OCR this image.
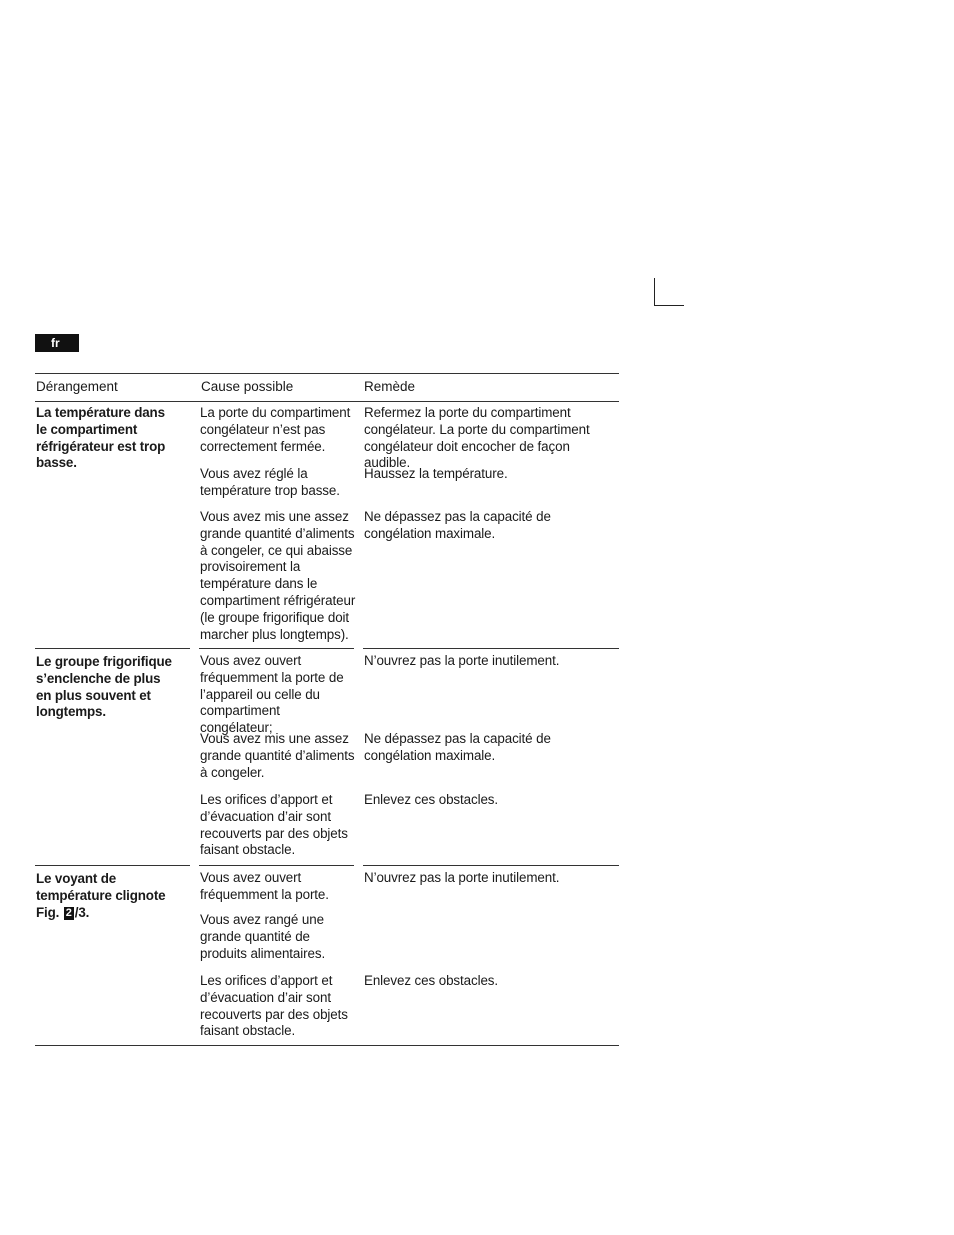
fr
Dérangement	Cause possible	Remède
La température dans le compartiment réfrigérateur est trop basse.
La porte du compartiment congélateur n’est pas correctement fermée.
Refermez la porte du compartiment congélateur. La porte du compartiment congélateur doit encocher de façon audible.
Vous avez réglé la température trop basse.
Haussez la température.
Vous avez mis une assez grande quantité d’aliments à congeler, ce qui abaisse provisoirement la température dans le compartiment réfrigérateur (le groupe frigorifique doit marcher plus longtemps).
Ne dépassez pas la capacité de congélation maximale.
Le groupe frigorifique s’enclenche de plus en plus souvent et longtemps.
Vous avez ouvert fréquemment la porte de l’appareil ou celle du compartiment congélateur;
N’ouvrez pas la porte inutilement.
Vous avez mis une assez grande quantité d’aliments à congeler.
Ne dépassez pas la capacité de congélation maximale.
Les orifices d’apport et d’évacuation d’air sont recouverts par des objets faisant obstacle.
Enlevez ces obstacles.
Le voyant de température clignote Fig. 2 /3.
Vous avez ouvert fréquemment la porte.
N’ouvrez pas la porte inutilement.
Vous avez rangé une grande quantité de produits alimentaires.
Les orifices d’apport et d’évacuation d’air sont recouverts par des objets faisant obstacle.
Enlevez ces obstacles.
